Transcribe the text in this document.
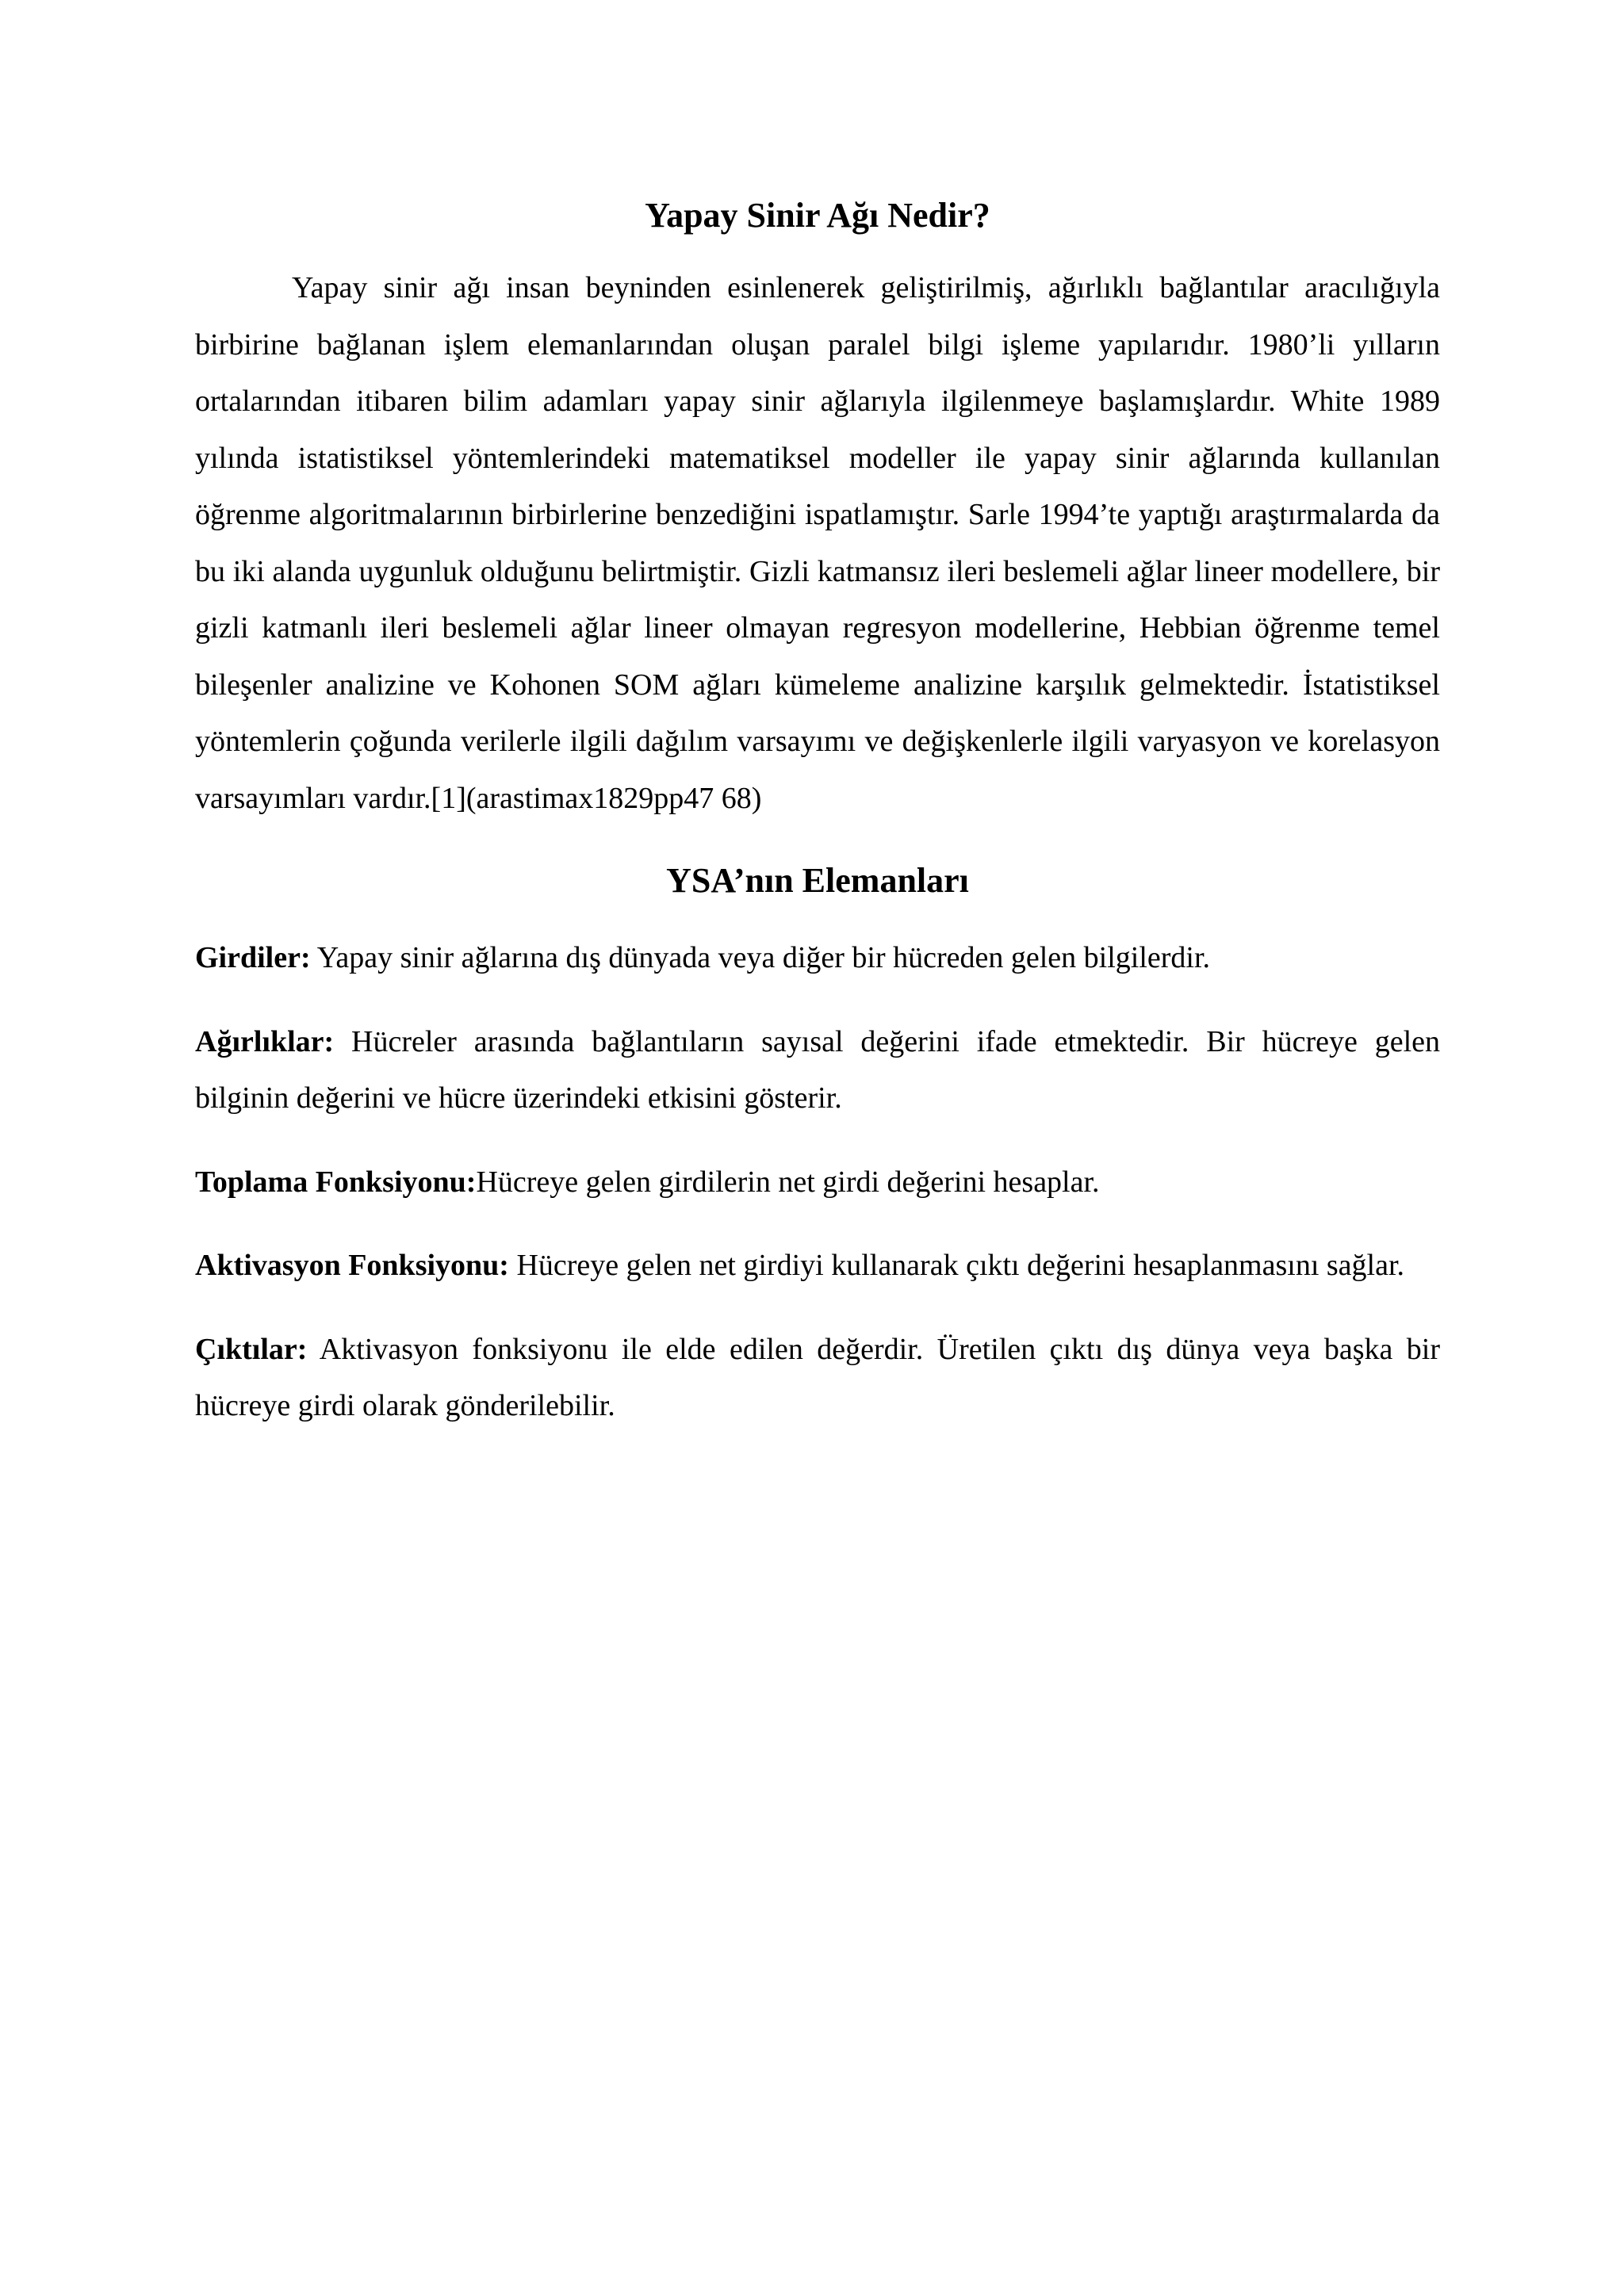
Yapay Sinir Ağı Nedir?

Yapay sinir ağı insan beyninden esinlenerek geliştirilmiş, ağırlıklı bağlantılar aracılığıyla birbirine bağlanan işlem elemanlarından oluşan paralel bilgi işleme yapılarıdır. 1980’li yılların ortalarından itibaren bilim adamları yapay sinir ağlarıyla ilgilenmeye başlamışlardır. White 1989 yılında istatistiksel yöntemlerindeki matematiksel modeller ile yapay sinir ağlarında kullanılan öğrenme algoritmalarının birbirlerine benzediğini ispatlamıştır. Sarle 1994’te yaptığı araştırmalarda da bu iki alanda uygunluk olduğunu belirtmiştir. Gizli katmansız ileri beslemeli ağlar lineer modellere, bir gizli katmanlı ileri beslemeli ağlar lineer olmayan regresyon modellerine, Hebbian öğrenme temel bileşenler analizine ve Kohonen SOM ağları kümeleme analizine karşılık gelmektedir. İstatistiksel yöntemlerin çoğunda verilerle ilgili dağılım varsayımı ve değişkenlerle ilgili varyasyon ve korelasyon varsayımları vardır.[1](arastimax1829pp47 68)

YSA’nın Elemanları

Girdiler: Yapay sinir ağlarına dış dünyada veya diğer bir hücreden gelen bilgilerdir.

Ağırlıklar: Hücreler arasında bağlantıların sayısal değerini ifade etmektedir. Bir hücreye gelen bilginin değerini ve hücre üzerindeki etkisini gösterir.

Toplama Fonksiyonu:Hücreye gelen girdilerin net girdi değerini hesaplar.

Aktivasyon Fonksiyonu: Hücreye gelen net girdiyi kullanarak çıktı değerini hesaplanmasını sağlar.

Çıktılar: Aktivasyon fonksiyonu ile elde edilen değerdir. Üretilen çıktı dış dünya veya başka bir hücreye girdi olarak gönderilebilir.
